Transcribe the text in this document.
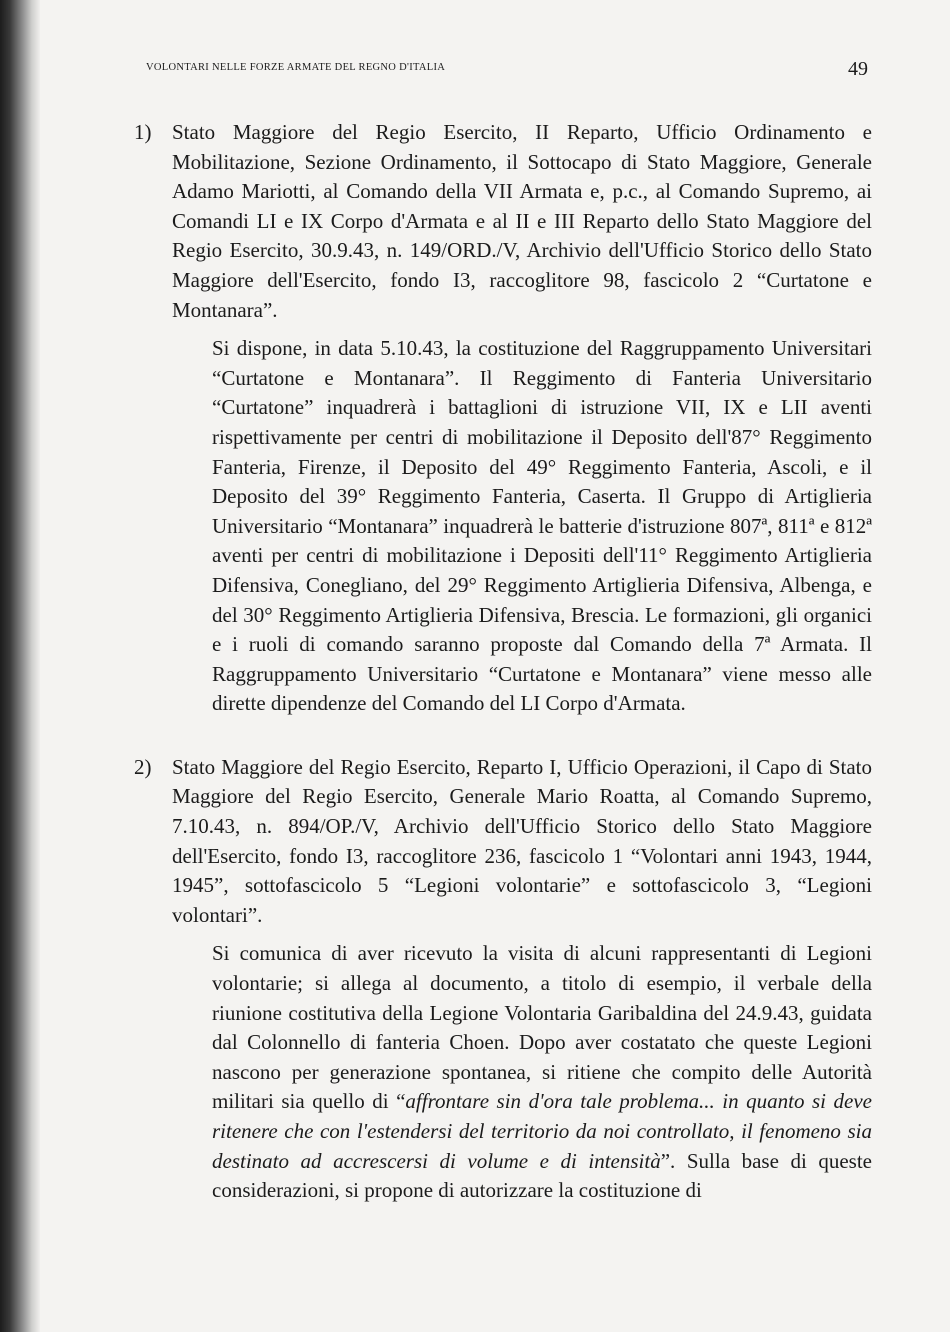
VOLONTARI NELLE FORZE ARMATE DEL REGNO D'ITALIA	49
1) Stato Maggiore del Regio Esercito, II Reparto, Ufficio Ordinamento e Mobilitazione, Sezione Ordinamento, il Sottocapo di Stato Maggiore, Generale Adamo Mariotti, al Comando della VII Armata e, p.c., al Comando Supremo, ai Comandi LI e IX Corpo d'Armata e al II e III Reparto dello Stato Maggiore del Regio Esercito, 30.9.43, n. 149/ORD./V, Archivio dell'Ufficio Storico dello Stato Maggiore dell'Esercito, fondo I3, raccoglitore 98, fascicolo 2 “Curtatone e Montanara”.

Si dispone, in data 5.10.43, la costituzione del Raggruppamento Universitari “Curtatone e Montanara”. Il Reggimento di Fanteria Universitario “Curtatone” inquadrerà i battaglioni di istruzione VII, IX e LII aventi rispettivamente per centri di mobilitazione il Deposito dell'87° Reggimento Fanteria, Firenze, il Deposito del 49° Reggimento Fanteria, Ascoli, e il Deposito del 39° Reggimento Fanteria, Caserta. Il Gruppo di Artiglieria Universitario “Montanara” inquadrerà le batterie d'istruzione 807ª, 811ª e 812ª aventi per centri di mobilitazione i Depositi dell'11° Reggimento Artiglieria Difensiva, Conegliano, del 29° Reggimento Artiglieria Difensiva, Albenga, e del 30° Reggimento Artiglieria Difensiva, Brescia. Le formazioni, gli organici e i ruoli di comando saranno proposte dal Comando della 7ª Armata. Il Raggruppamento Universitario “Curtatone e Montanara” viene messo alle dirette dipendenze del Comando del LI Corpo d'Armata.

2) Stato Maggiore del Regio Esercito, Reparto I, Ufficio Operazioni, il Capo di Stato Maggiore del Regio Esercito, Generale Mario Roatta, al Comando Supremo, 7.10.43, n. 894/OP./V, Archivio dell'Ufficio Storico dello Stato Maggiore dell'Esercito, fondo I3, raccoglitore 236, fascicolo 1 “Volontari anni 1943, 1944, 1945”, sottofascicolo 5 “Legioni volontarie” e sottofascicolo 3, “Legioni volontari”.

Si comunica di aver ricevuto la visita di alcuni rappresentanti di Legioni volontarie; si allega al documento, a titolo di esempio, il verbale della riunione costitutiva della Legione Volontaria Garibaldina del 24.9.43, guidata dal Colonnello di fanteria Choen. Dopo aver costatato che queste Legioni nascono per generazione spontanea, si ritiene che compito delle Autorità militari sia quello di “affrontare sin d'ora tale problema... in quanto si deve ritenere che con l'estendersi del territorio da noi controllato, il fenomeno sia destinato ad accrescersi di volume e di intensità”. Sulla base di queste considerazioni, si propone di autorizzare la costituzione di
